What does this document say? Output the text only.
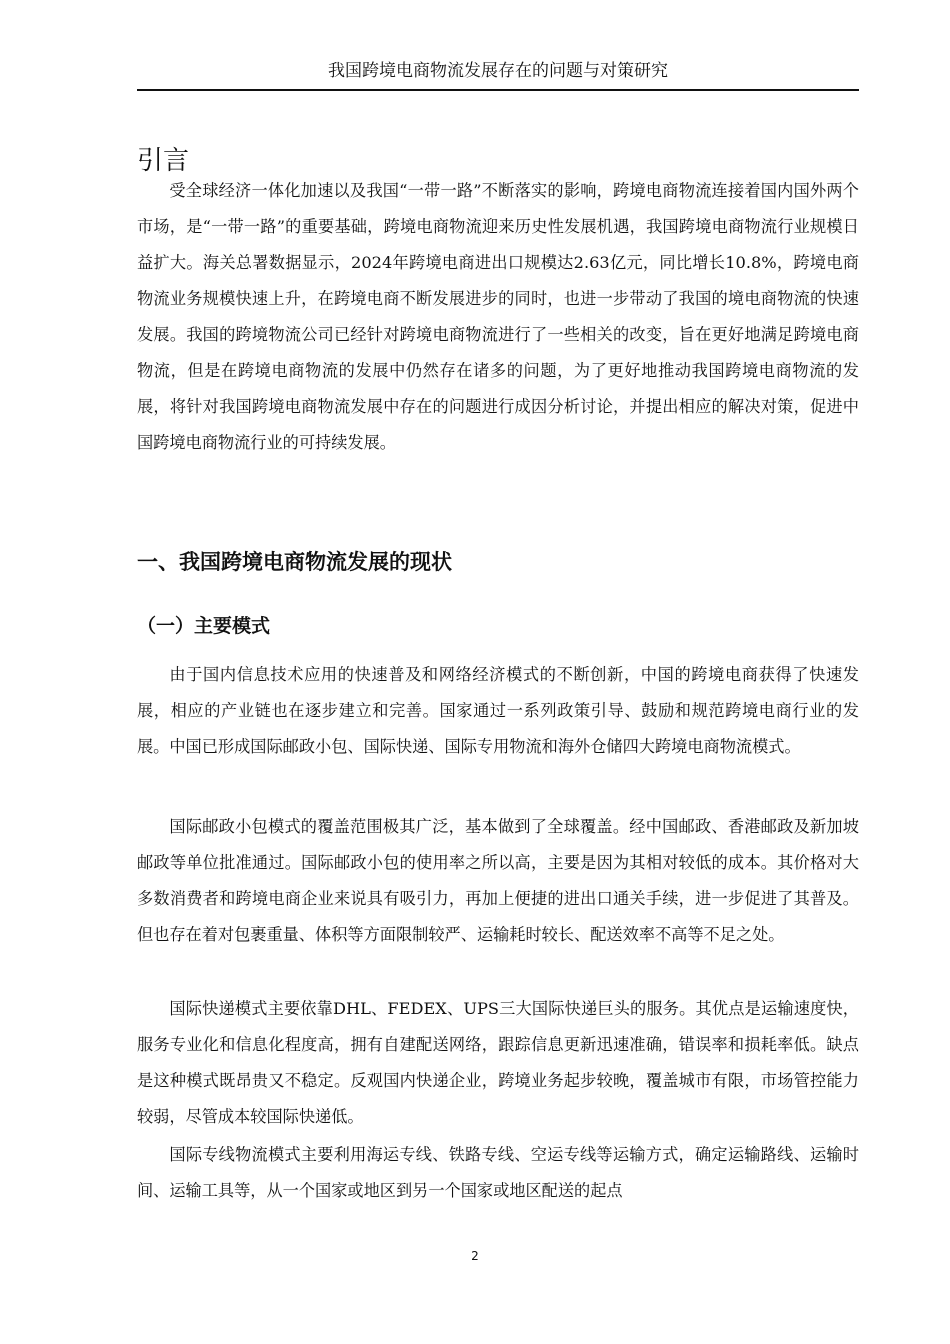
我国跨境电商物流发展存在的问题与对策研究
引言

受全球经济一体化加速以及我国“一带一路”不断落实的影响，跨境电商物流连接着国内国外两个市场，是“一带一路”的重要基础，跨境电商物流迎来历史性发展机遇，我国跨境电商物流行业规模日益扩大。海关总署数据显示，2024年跨境电商进出口规模达2.63亿元，同比增长10.8%，跨境电商物流业务规模快速上升，在跨境电商不断发展进步的同时，也进一步带动了我国的境电商物流的快速发展。我国的跨境物流公司已经针对跨境电商物流进行了一些相关的改变，旨在更好地满足跨境电商物流，但是在跨境电商物流的发展中仍然存在诸多的问题，为了更好地推动我国跨境电商物流的发展，将针对我国跨境电商物流发展中存在的问题进行成因分析讨论，并提出相应的解决对策，促进中国跨境电商物流行业的可持续发展。

一、我国跨境电商物流发展的现状
（一）主要模式

由于国内信息技术应用的快速普及和网络经济模式的不断创新，中国的跨境电商获得了快速发展，相应的产业链也在逐步建立和完善。国家通过一系列政策引导、鼓励和规范跨境电商行业的发展。中国已形成国际邮政小包、国际快递、国际专用物流和海外仓储四大跨境电商物流模式。

国际邮政小包模式的覆盖范围极其广泛，基本做到了全球覆盖。经中国邮政、香港邮政及新加坡邮政等单位批准通过。国际邮政小包的使用率之所以高，主要是因为其相对较低的成本。其价格对大多数消费者和跨境电商企业来说具有吸引力，再加上便捷的进出口通关手续，进一步促进了其普及。但也存在着对包裹重量、体积等方面限制较严、运输耗时较长、配送效率不高等不足之处。

国际快递模式主要依靠DHL、FEDEX、UPS三大国际快递巨头的服务。其优点是运输速度快，服务专业化和信息化程度高，拥有自建配送网络，跟踪信息更新迅速准确，错误率和损耗率低。缺点是这种模式既昂贵又不稳定。反观国内快递企业，跨境业务起步较晚，覆盖城市有限，市场管控能力较弱，尽管成本较国际快递低。

国际专线物流模式主要利用海运专线、铁路专线、空运专线等运输方式，确定运输路线、运输时间、运输工具等，从一个国家或地区到另一个国家或地区配送的起点

2
